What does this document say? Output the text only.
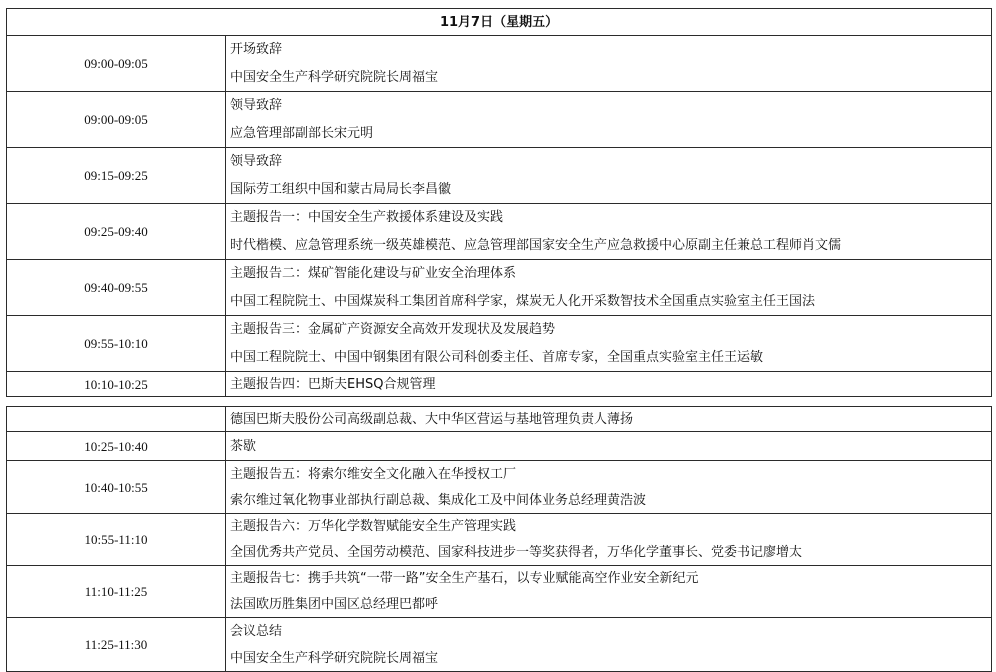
11月7日（星期五）	
09:00-09:05	开场致辞
中国安全生产科学研究院院长周福宝

09:00-09:05	领导致辞
应急管理部副部长宋元明

09:15-09:25	领导致辞
国际劳工组织中国和蒙古局局长李昌徽

09:25-09:40	主题报告一：中国安全生产救援体系建设及实践
时代楷模、应急管理系统一级英雄模范、应急管理部国家安全生产应急救援中心原副主任兼总工程师肖文儒

09:40-09:55	主题报告二：煤矿智能化建设与矿业安全治理体系
中国工程院院士、中国煤炭科工集团首席科学家，煤炭无人化开采数智技术全国重点实验室主任王国法

09:55-10:10	主题报告三：金属矿产资源安全高效开发现状及发展趋势
中国工程院院士、中国中钢集团有限公司科创委主任、首席专家，全国重点实验室主任王运敏

10:10-10:25	主题报告四：巴斯夫EHSQ合规管理

德国巴斯夫股份公司高级副总裁、大中华区营运与基地管理负责人薄扬

10:25-10:40	茶歇

10:40-10:55	主题报告五：将索尔维安全文化融入在华授权工厂
索尔维过氧化物事业部执行副总裁、集成化工及中间体业务总经理黄浩波

10:55-11:10	主题报告六：万华化学数智赋能安全生产管理实践
全国优秀共产党员、全国劳动模范、国家科技进步一等奖获得者，万华化学董事长、党委书记廖增太

11:10-11:25	主题报告七：携手共筑“一带一路”安全生产基石，以专业赋能高空作业安全新纪元
法国欧历胜集团中国区总经理巴都呼

11:25-11:30	会议总结
中国安全生产科学研究院院长周福宝
